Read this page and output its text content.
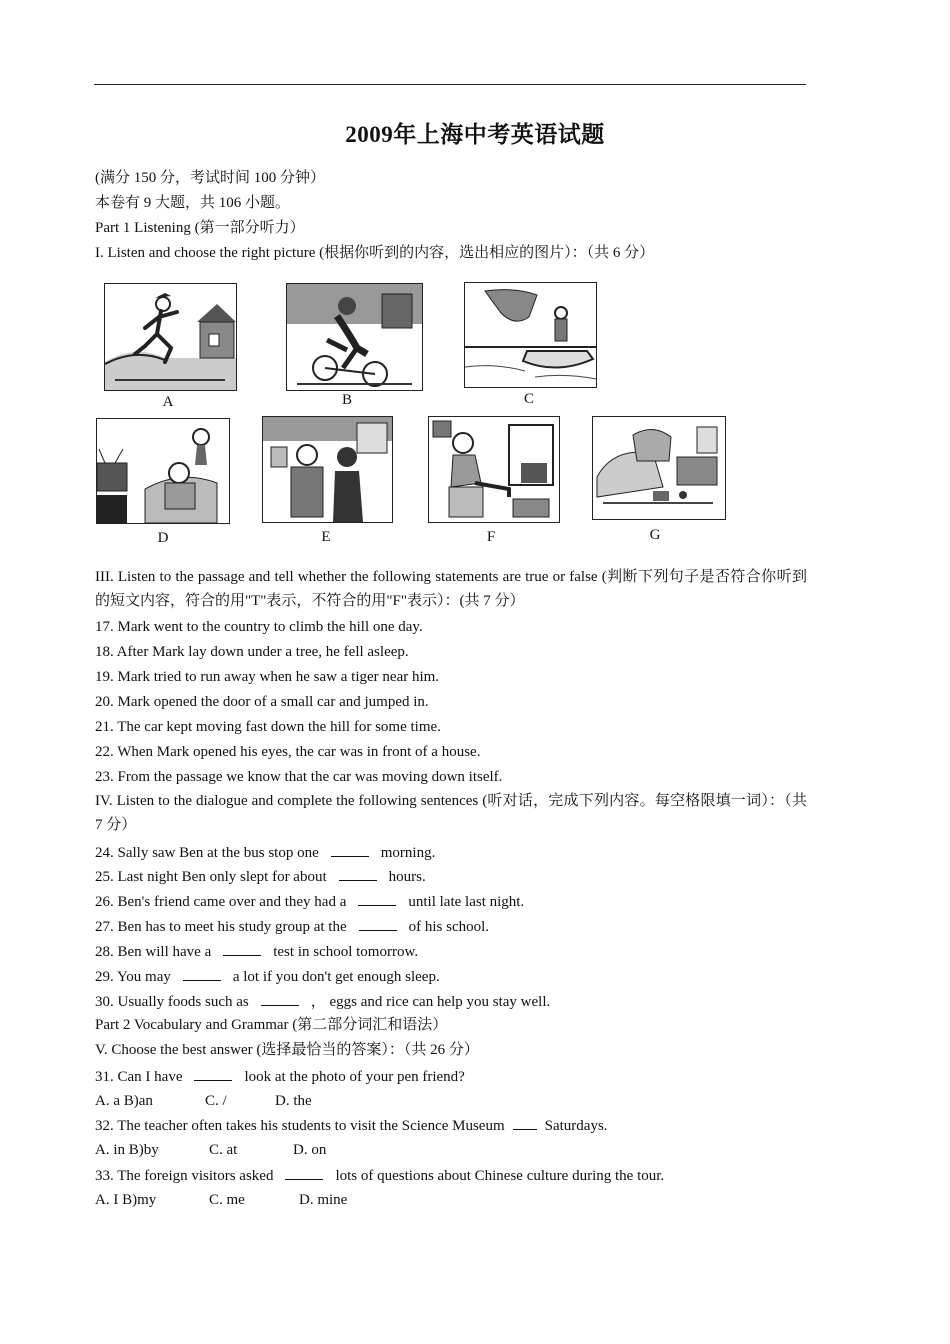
2009年上海中考英语试题
(满分 150 分，考试时间 100 分钟）
本卷有 9 大题，共 106 小题。
Part 1 Listening (第一部分听力）
I. Listen and choose the right picture (根据你听到的内容，选出相应的图片）：（共 6 分）
A	B	C
D	E	F	G
III. Listen to the passage and tell whether the following statements are true or false (判断下列句子是否符合你听到的短文内容，符合的用"T"表示，不符合的用"F"表示）：(共 7 分）
17. Mark went to the country to climb the hill one day.
18. After Mark lay down under a tree, he fell asleep.
19. Mark tried to run away when he saw a tiger near him.
20. Mark opened the door of a small car and jumped in.
21. The car kept moving fast down the hill for some time.
22. When Mark opened his eyes, the car was in front of a house.
23. From the passage we know that the car was moving down itself.
IV. Listen to the dialogue and complete the following sentences (听对话，完成下列内容。每空格限填一词）：（共 7 分）
24. Sally saw Ben at the bus stop one	morning.
25. Last night Ben only slept for about	hours.
26. Ben's friend came over and they had a	until late last night.
27. Ben has to meet his study group at the	of his school.
28. Ben will have a	test in school tomorrow.
29. You may	a lot if you don't get enough sleep.
30. Usually foods such as	， eggs and rice can help you stay well.
Part 2 Vocabulary and Grammar (第二部分词汇和语法）
V. Choose the best answer (选择最恰当的答案）：（共 26 分）
31. Can I have	look at the photo of your pen friend?
A. a B)an	C. /	D. the
32. The teacher often takes his students to visit the Science Museum	Saturdays.
A. in B)by	C. at	D. on
33. The foreign visitors asked	lots of questions about Chinese culture during the tour.
A. I B)my	C. me	D. mine
